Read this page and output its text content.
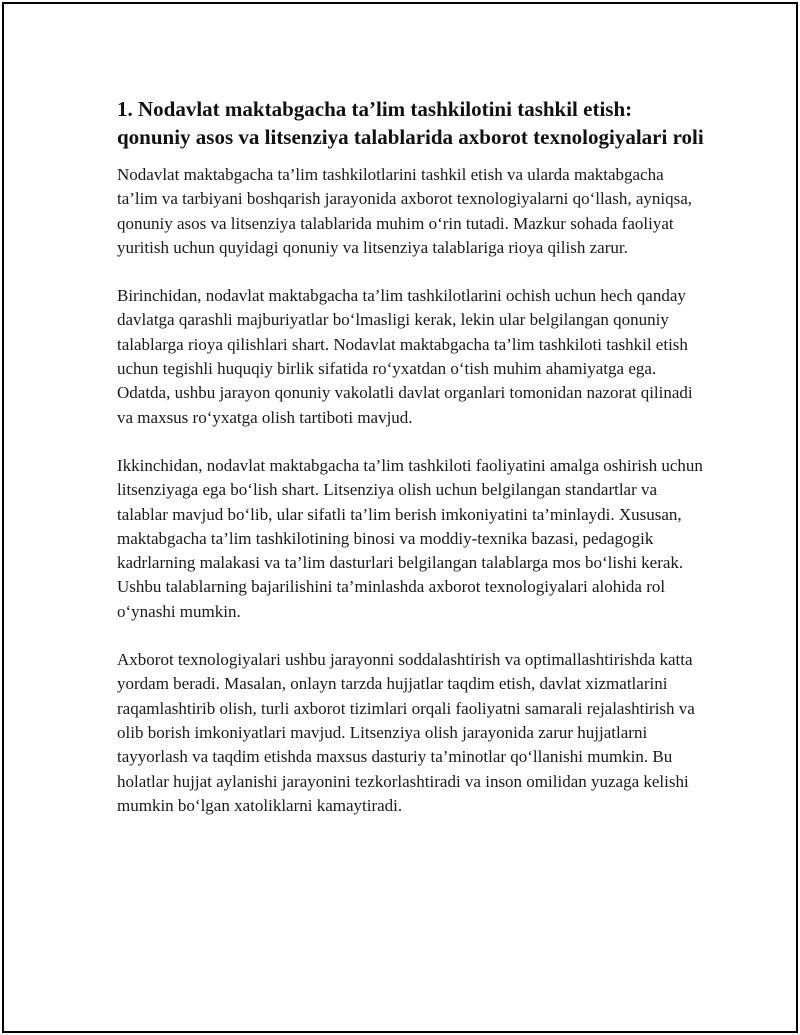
1. Nodavlat maktabgacha ta’lim tashkilotini tashkil etish: qonuniy asos va litsenziya talablarida axborot texnologiyalari roli

Nodavlat maktabgacha ta’lim tashkilotlarini tashkil etish va ularda maktabgacha ta’lim va tarbiyani boshqarish jarayonida axborot texnologiyalarni qo‘llash, ayniqsa, qonuniy asos va litsenziya talablarida muhim o‘rin tutadi. Mazkur sohada faoliyat yuritish uchun quyidagi qonuniy va litsenziya talablariga rioya qilish zarur.

Birinchidan, nodavlat maktabgacha ta’lim tashkilotlarini ochish uchun hech qanday davlatga qarashli majburiyatlar bo‘lmasligi kerak, lekin ular belgilangan qonuniy talablarga rioya qilishlari shart. Nodavlat maktabgacha ta’lim tashkiloti tashkil etish uchun tegishli huquqiy birlik sifatida ro‘yxatdan o‘tish muhim ahamiyatga ega. Odatda, ushbu jarayon qonuniy vakolatli davlat organlari tomonidan nazorat qilinadi va maxsus ro‘yxatga olish tartiboti mavjud.

Ikkinchidan, nodavlat maktabgacha ta’lim tashkiloti faoliyatini amalga oshirish uchun litsenziyaga ega bo‘lish shart. Litsenziya olish uchun belgilangan standartlar va talablar mavjud bo‘lib, ular sifatli ta’lim berish imkoniyatini ta’minlaydi. Xususan, maktabgacha ta’lim tashkilotining binosi va moddiy-texnika bazasi, pedagogik kadrlarning malakasi va ta’lim dasturlari belgilangan talablarga mos bo‘lishi kerak. Ushbu talablarning bajarilishini ta’minlashda axborot texnologiyalari alohida rol o‘ynashi mumkin.

Axborot texnologiyalari ushbu jarayonni soddalashtirish va optimallashtirishda katta yordam beradi. Masalan, onlayn tarzda hujjatlar taqdim etish, davlat xizmatlarini raqamlashtirib olish, turli axborot tizimlari orqali faoliyatni samarali rejalashtirish va olib borish imkoniyatlari mavjud. Litsenziya olish jarayonida zarur hujjatlarni tayyorlash va taqdim etishda maxsus dasturiy ta’minotlar qo‘llanishi mumkin. Bu holatlar hujjat aylanishi jarayonini tezkorlashtiradi va inson omilidan yuzaga kelishi mumkin bo‘lgan xatoliklarni kamaytiradi.
